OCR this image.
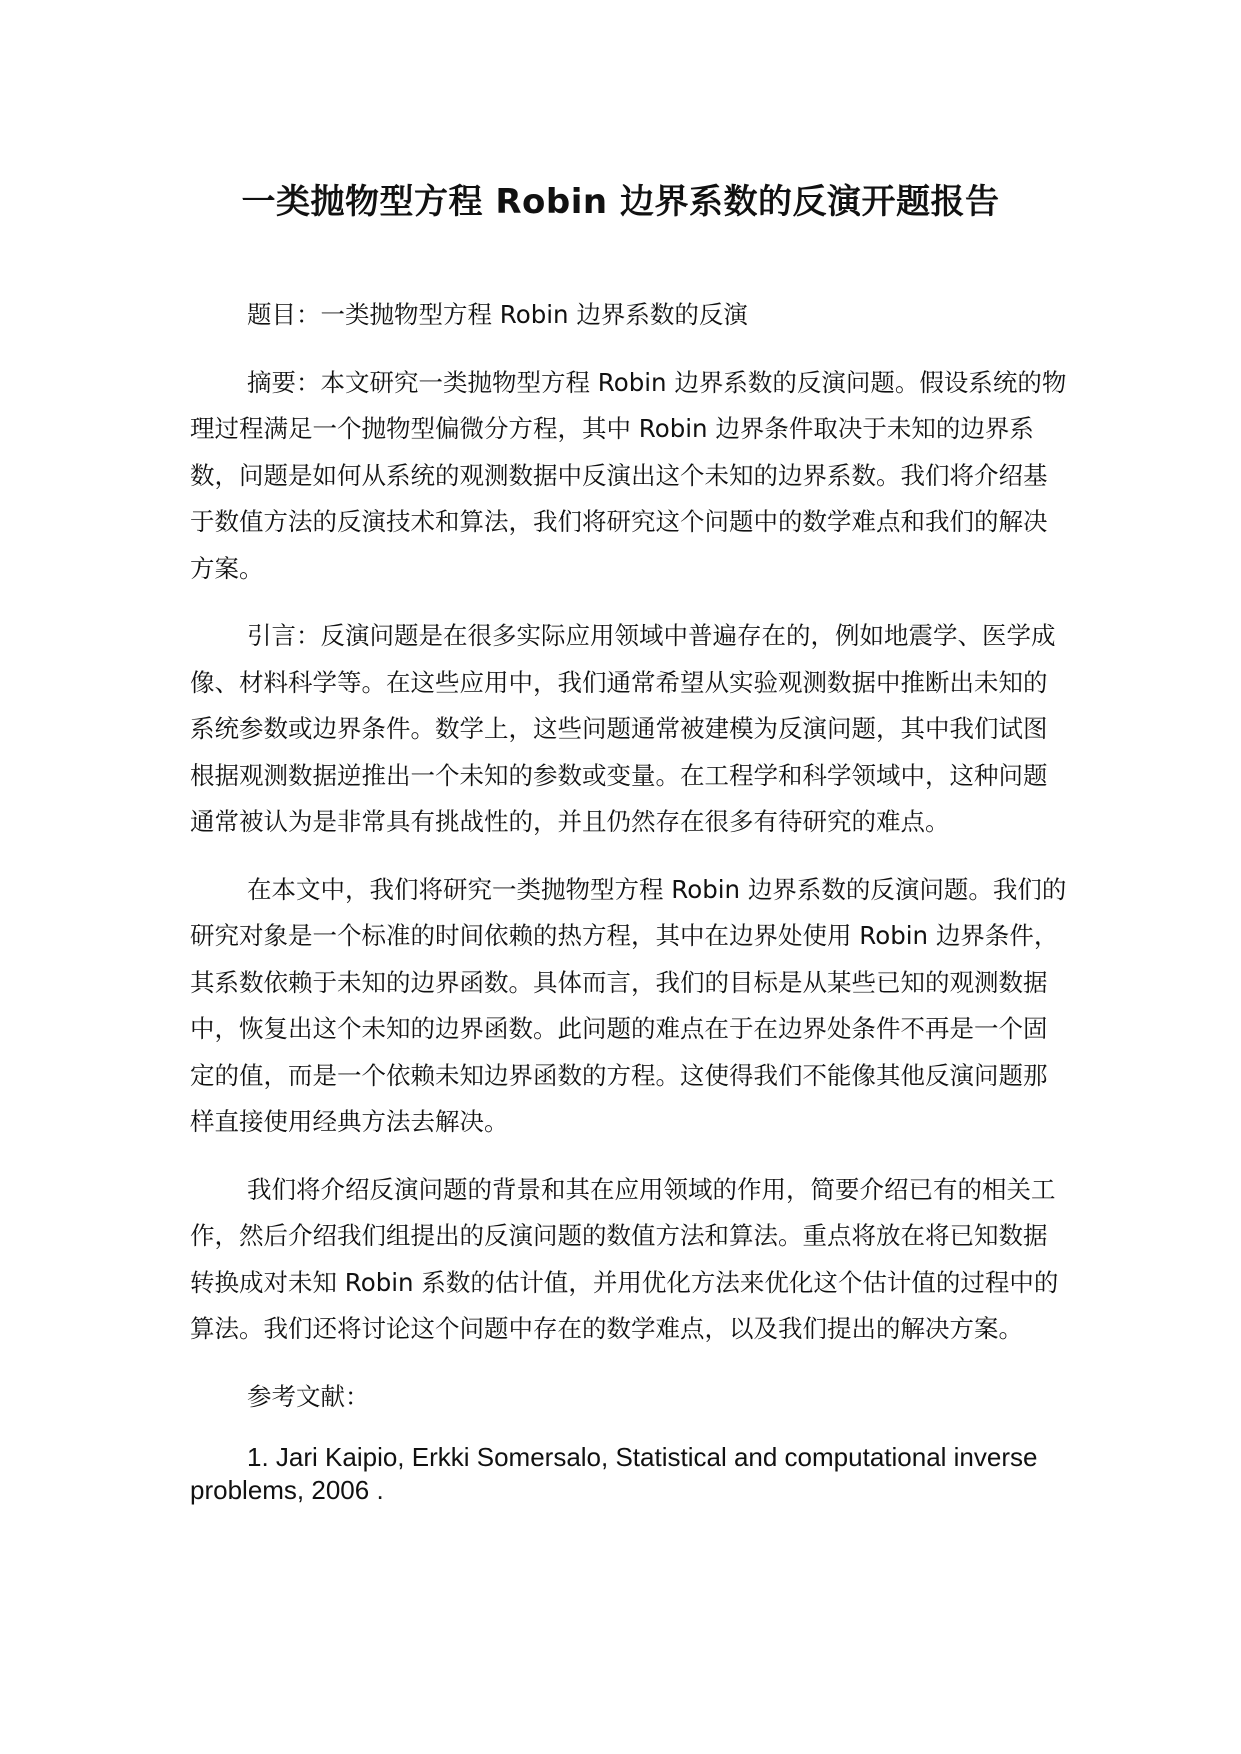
一类抛物型方程 Robin 边界系数的反演开题报告

题目：一类抛物型方程 Robin 边界系数的反演

摘要：本文研究一类抛物型方程 Robin 边界系数的反演问题。假设系统的物理过程满足一个抛物型偏微分方程，其中 Robin 边界条件取决于未知的边界系数，问题是如何从系统的观测数据中反演出这个未知的边界系数。我们将介绍基于数值方法的反演技术和算法，我们将研究这个问题中的数学难点和我们的解决方案。

引言：反演问题是在很多实际应用领域中普遍存在的，例如地震学、医学成像、材料科学等。在这些应用中，我们通常希望从实验观测数据中推断出未知的系统参数或边界条件。数学上，这些问题通常被建模为反演问题，其中我们试图根据观测数据逆推出一个未知的参数或变量。在工程学和科学领域中，这种问题通常被认为是非常具有挑战性的，并且仍然存在很多有待研究的难点。

在本文中，我们将研究一类抛物型方程 Robin 边界系数的反演问题。我们的研究对象是一个标准的时间依赖的热方程，其中在边界处使用 Robin 边界条件，其系数依赖于未知的边界函数。具体而言，我们的目标是从某些已知的观测数据中，恢复出这个未知的边界函数。此问题的难点在于在边界处条件不再是一个固定的值，而是一个依赖未知边界函数的方程。这使得我们不能像其他反演问题那样直接使用经典方法去解决。

我们将介绍反演问题的背景和其在应用领域的作用，简要介绍已有的相关工作，然后介绍我们组提出的反演问题的数值方法和算法。重点将放在将已知数据转换成对未知 Robin 系数的估计值，并用优化方法来优化这个估计值的过程中的算法。我们还将讨论这个问题中存在的数学难点，以及我们提出的解决方案。

参考文献：

1. Jari Kaipio, Erkki Somersalo, Statistical and computational inverse problems, 2006 .
